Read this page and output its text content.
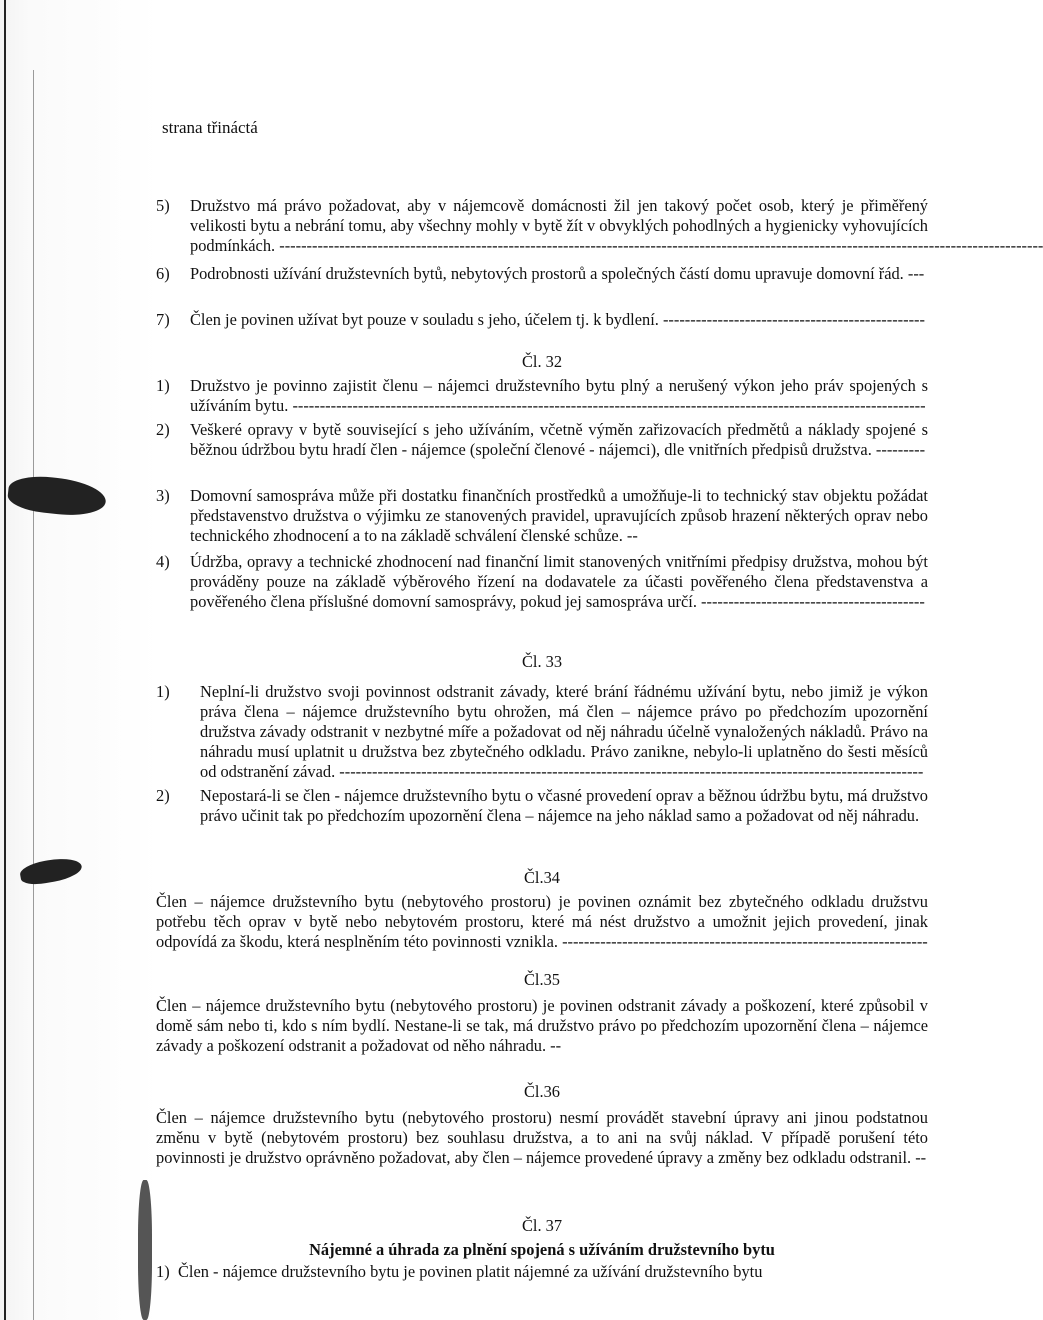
strana třináctá
5)	Družstvo má právo požadovat, aby v nájemcově domácnosti žil jen takový počet osob, který je přiměřený velikosti bytu a nebrání tomu, aby všechny mohly v bytě žít v obvyklých pohodlných a hygienicky vyhovujících podmínkách. --------------------------------------------------------------------------------------------------------------------------------------------
6)	Podrobnosti užívání družstevních bytů, nebytových prostorů a společných částí domu upravuje domovní řád. ---
7)	Člen je povinen užívat byt pouze v souladu s jeho, účelem tj. k bydlení. ------------------------------------------------
Čl. 32
1)	Družstvo je povinno zajistit členu – nájemci družstevního bytu plný a nerušený výkon jeho práv spojených s užíváním bytu. --------------------------------------------------------------------------------------------------------------------
2)	Veškeré opravy v bytě související s jeho užíváním, včetně výměn zařizovacích předmětů a náklady spojené s běžnou údržbou bytu hradí člen - nájemce (společní členové - nájemci), dle vnitřních předpisů družstva. ---------
3)	Domovní samospráva může při dostatku finančních prostředků a umožňuje-li to technický stav objektu požádat představenstvo družstva o výjimku ze stanovených pravidel, upravujících způsob hrazení některých oprav nebo technického zhodnocení a to na základě schválení členské schůze. --
4)	Údržba, opravy a technické zhodnocení nad finanční limit stanovených vnitřními předpisy družstva, mohou být prováděny pouze na základě výběrového řízení na dodavatele za účasti pověřeného člena představenstva a pověřeného člena příslušné domovní samosprávy, pokud jej samospráva určí. -----------------------------------------
Čl. 33
1)	Neplní-li družstvo svoji povinnost odstranit závady, které brání řádnému užívání bytu, nebo jimiž je výkon práva člena – nájemce družstevního bytu ohrožen, má člen – nájemce právo po předchozím upozornění družstva závady odstranit v nezbytné míře a požadovat od něj náhradu účelně vynaložených nákladů. Právo na náhradu musí uplatnit u družstva bez zbytečného odkladu. Právo zanikne, nebylo-li uplatněno do šesti měsíců od odstranění závad. -----------------------------------------------------------------------------------------------------------
2)	Nepostará-li se člen - nájemce družstevního bytu o včasné provedení oprav a běžnou údržbu bytu, má družstvo právo učinit tak po předchozím upozornění člena – nájemce na jeho náklad samo a požadovat od něj náhradu.
Čl.34
Člen – nájemce družstevního bytu (nebytového prostoru) je povinen oznámit bez zbytečného odkladu družstvu potřebu těch oprav v bytě nebo nebytovém prostoru, které má nést družstvo a umožnit jejich provedení, jinak odpovídá za škodu, která nesplněním této povinnosti vznikla. -------------------------------------------------------------------
Čl.35
Člen – nájemce družstevního bytu (nebytového prostoru) je povinen odstranit závady a poškození, které způsobil v domě sám nebo ti, kdo s ním bydlí. Nestane-li se tak, má družstvo právo po předchozím upozornění člena – nájemce závady a poškození odstranit a požadovat od něho náhradu. --
Čl.36
Člen – nájemce družstevního bytu (nebytového prostoru) nesmí provádět stavební úpravy ani jinou podstatnou změnu v bytě (nebytovém prostoru) bez souhlasu družstva, a to ani na svůj náklad. V případě porušení této povinnosti je družstvo oprávněno požadovat, aby člen – nájemce provedené úpravy a změny bez odkladu odstranil. --
Čl. 37
Nájemné a úhrada za plnění spojená s užíváním družstevního bytu
1) Člen - nájemce družstevního bytu je povinen platit nájemné za užívání družstevního bytu
